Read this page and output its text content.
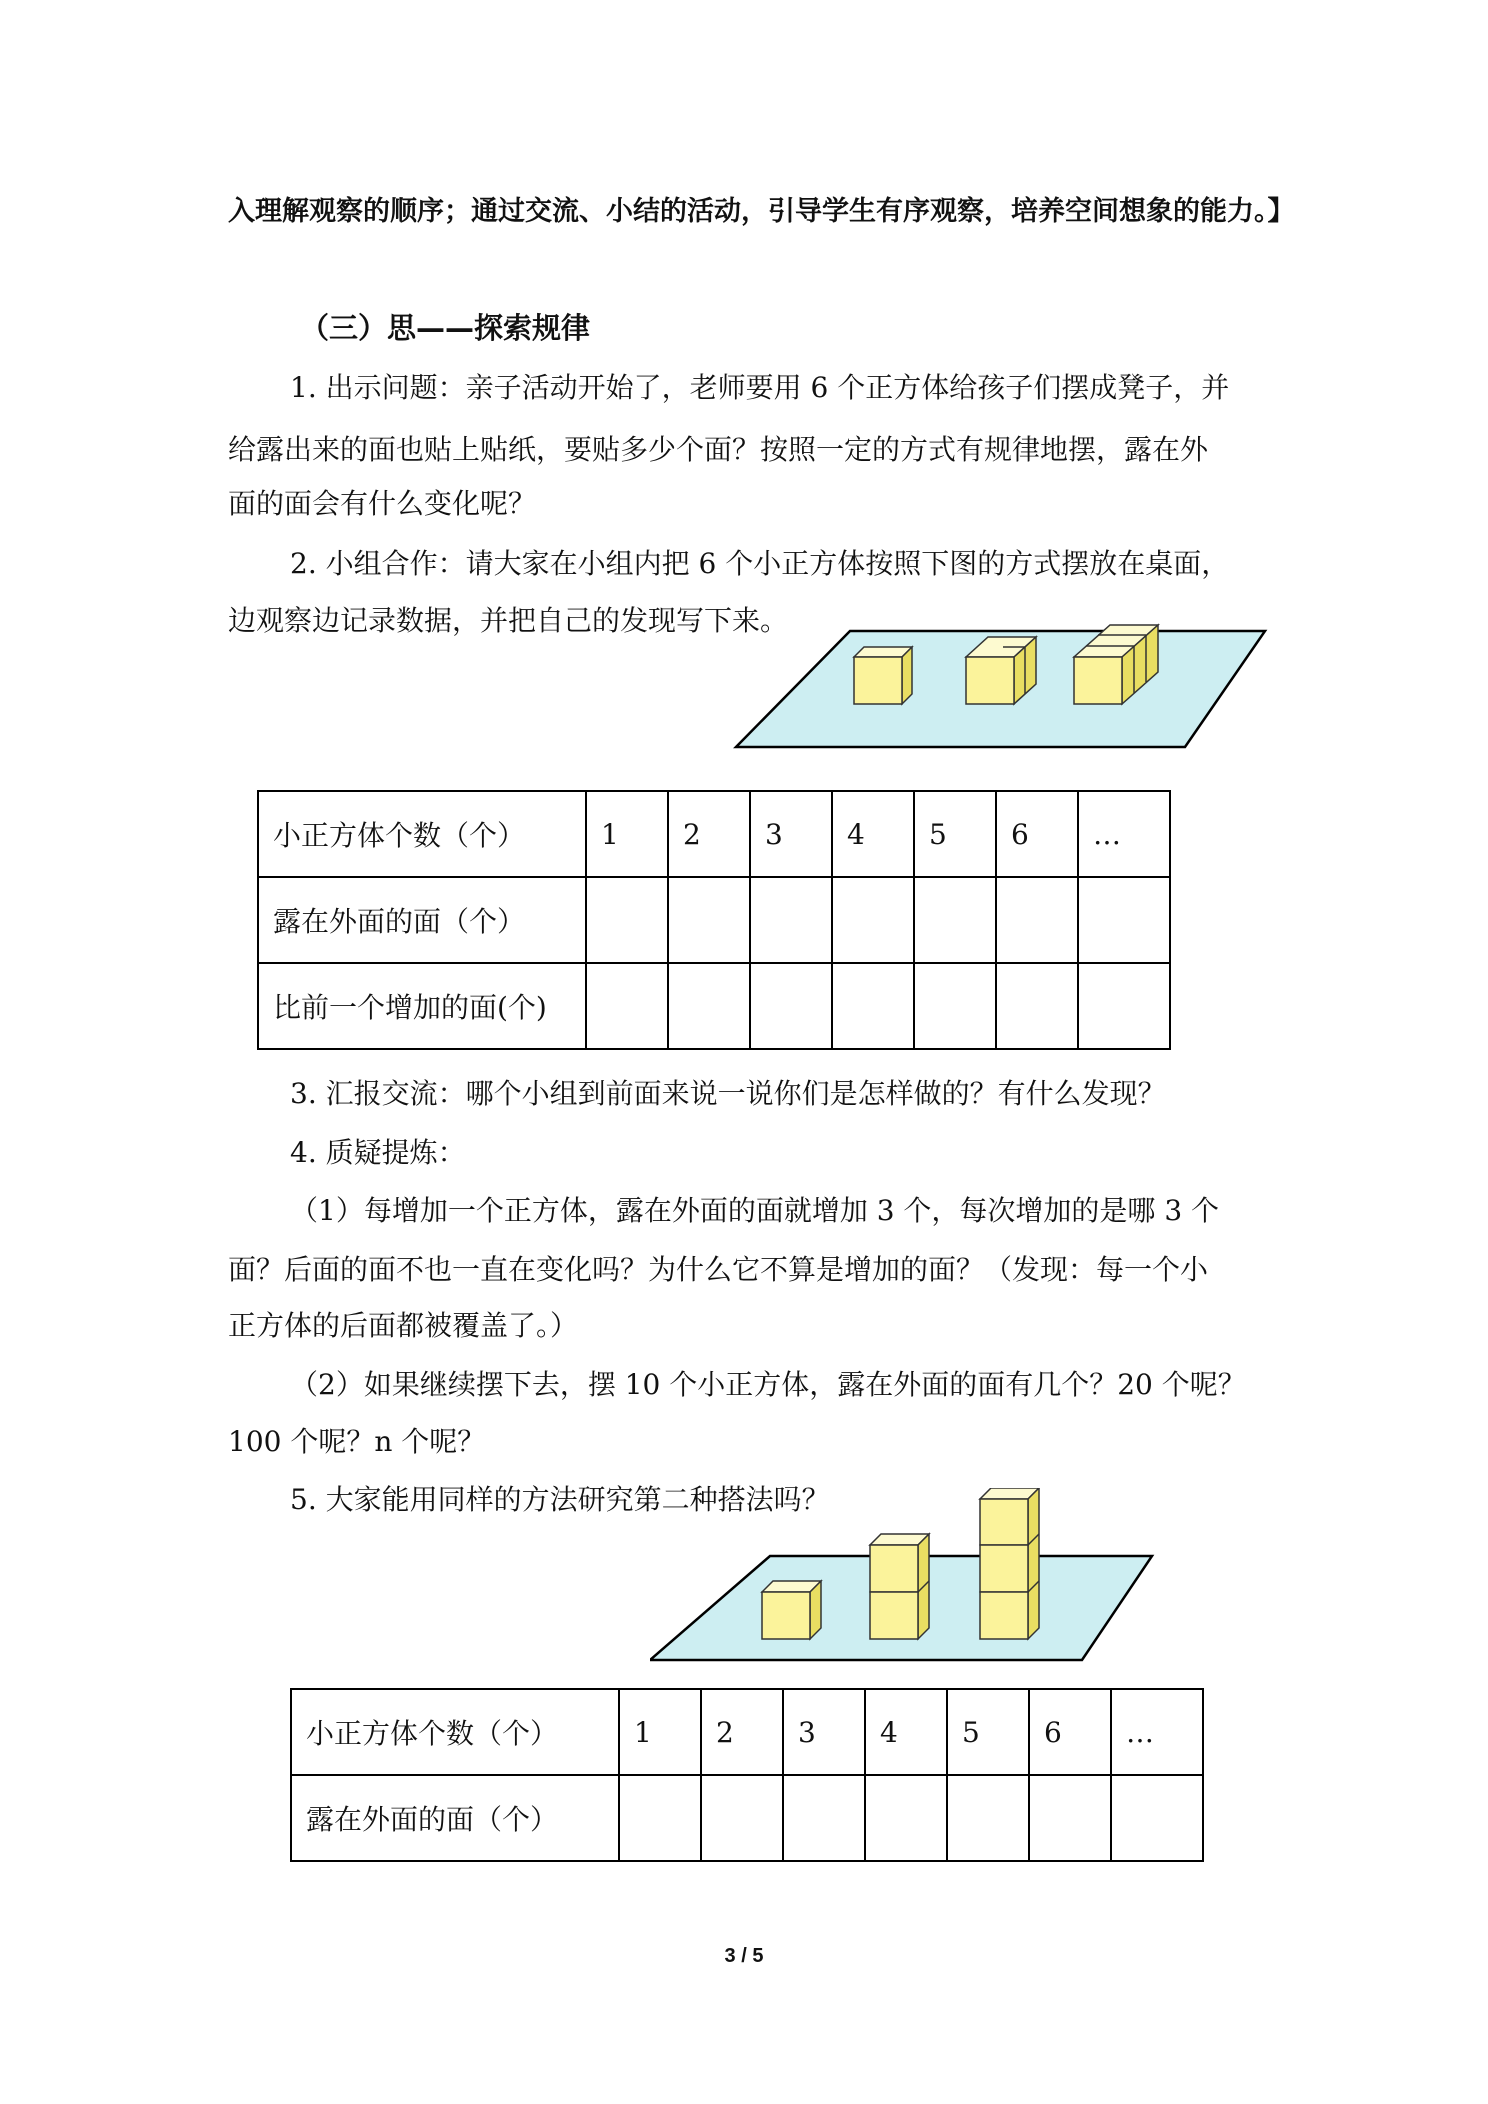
入理解观察的顺序；通过交流、小结的活动，引导学生有序观察，培养空间想象的能力。】
（三）思——探索规律
1. 出示问题：亲子活动开始了，老师要用 6 个正方体给孩子们摆成凳子，并
给露出来的面也贴上贴纸，要贴多少个面？按照一定的方式有规律地摆，露在外
面的面会有什么变化呢？
2. 小组合作：请大家在小组内把 6 个小正方体按照下图的方式摆放在桌面，
边观察边记录数据，并把自己的发现写下来。
小正方体个数（个）	1	2	3	4	5	6	…
露在外面的面（个）							
比前一个增加的面(个)							
3. 汇报交流：哪个小组到前面来说一说你们是怎样做的？有什么发现？
4. 质疑提炼：
（1）每增加一个正方体，露在外面的面就增加 3 个，每次增加的是哪 3 个
面？后面的面不也一直在变化吗？为什么它不算是增加的面？（发现：每一个小
正方体的后面都被覆盖了。）
（2）如果继续摆下去，摆 10 个小正方体，露在外面的面有几个？20 个呢？
100 个呢？n 个呢？
5. 大家能用同样的方法研究第二种搭法吗？
小正方体个数（个）	1	2	3	4	5	6	…
露在外面的面（个）							
3 / 5
